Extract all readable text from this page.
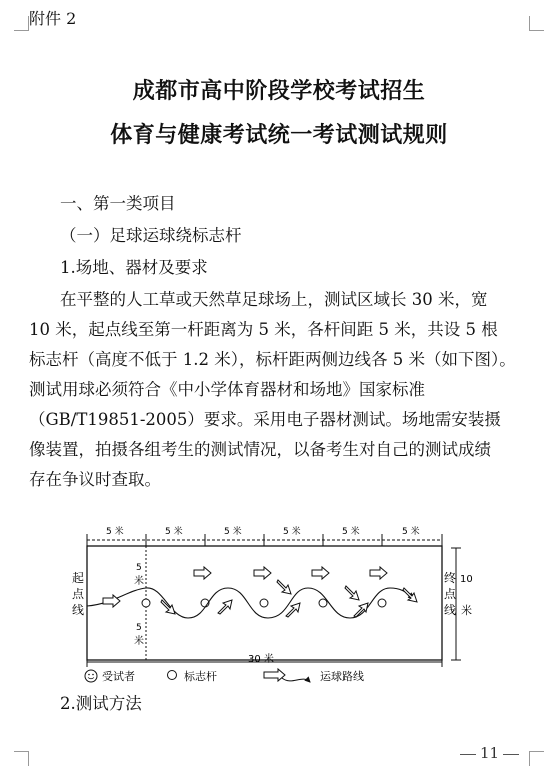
附件 2
成都市高中阶段学校考试招生
体育与健康考试统一考试测试规则
一、第一类项目
（一）足球运球绕标志杆
1.场地、器材及要求
在平整的人工草或天然草足球场上，测试区域长 30 米，宽
10 米，起点线至第一杆距离为 5 米，各杆间距 5 米，共设 5 根
标志杆（高度不低于 1.2 米），标杆距两侧边线各 5 米（如下图）。
测试用球必须符合《中小学体育器材和场地》国家标准
（GB/T19851-2005）要求。采用电子器材测试。场地需安装摄
像装置，拍摄各组考生的测试情况，以备考生对自己的测试成绩
存在争议时查取。
5 米	5 米	5 米	5 米	5 米	5 米
起
点
线
终
点
线
10
米
5
米
5
米
30 米
受试者	标志杆	运球路线
2.测试方法
11
